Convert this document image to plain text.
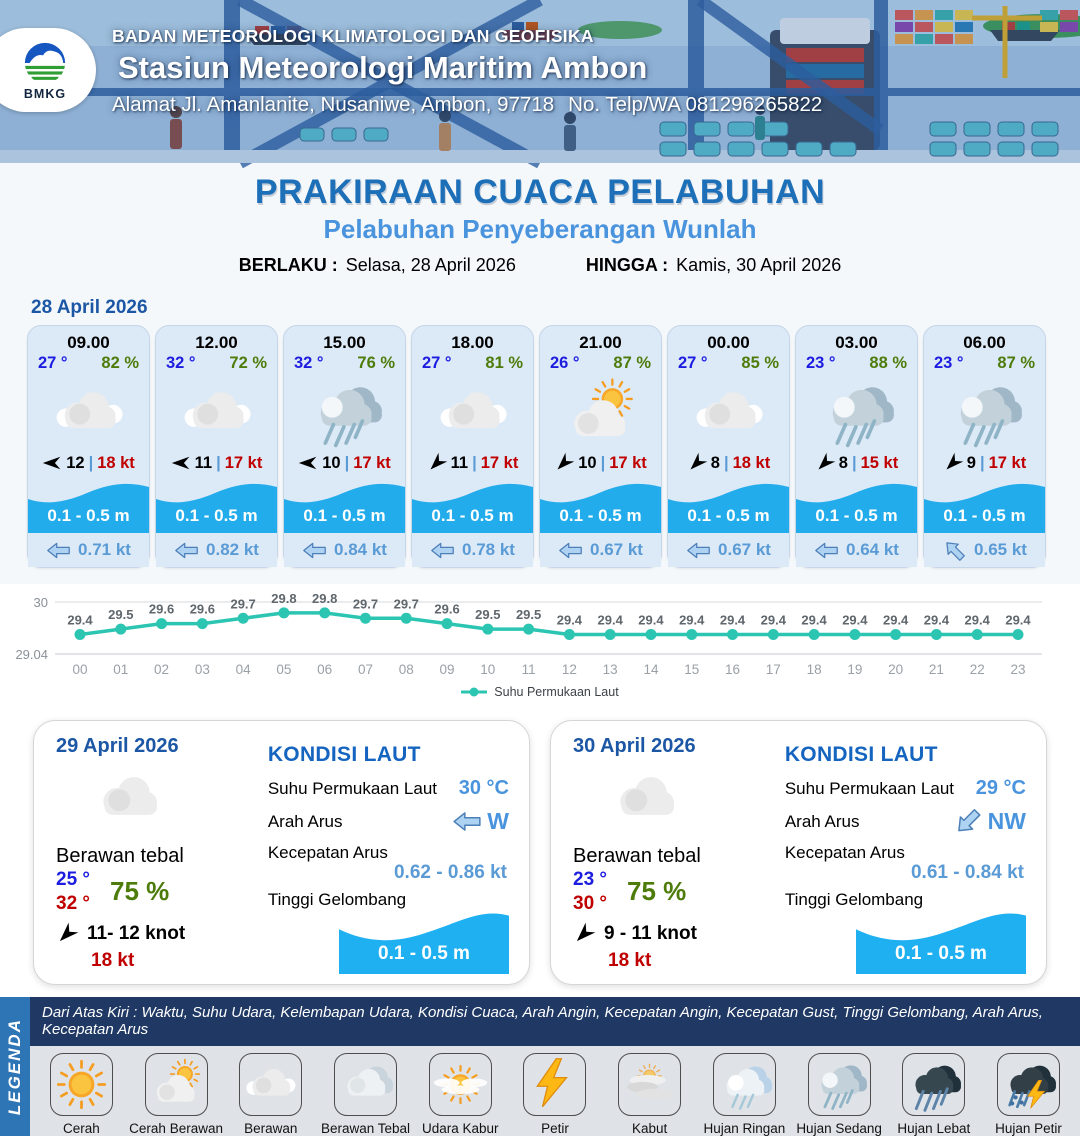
BMKG
BADAN METEOROLOGI KLIMATOLOGI DAN GEOFISIKA
Stasiun Meteorologi Maritim Ambon
Alamat Jl. Amanlanite, Nusaniwe, Ambon, 97718 No. Telp/WA 081296265822
PRAKIRAAN CUACA PELABUHAN
Pelabuhan Penyeberangan Wunlah
BERLAKU : Selasa, 28 April 2026	HINGGA : Kamis, 30 April 2026
28 April 2026
09.00
27 ° 82 %
12 | 18 kt
0.1 - 0.5 m
0.71 kt
12.00
32 ° 72 %
11 | 17 kt
0.1 - 0.5 m
0.82 kt
15.00
32 ° 76 %
10 | 17 kt
0.1 - 0.5 m
0.84 kt
18.00
27 ° 81 %
11 | 17 kt
0.1 - 0.5 m
0.78 kt
21.00
26 ° 87 %
10 | 17 kt
0.1 - 0.5 m
0.67 kt
00.00
27 ° 85 %
8 | 18 kt
0.1 - 0.5 m
0.67 kt
03.00
23 ° 88 %
8 | 15 kt
0.1 - 0.5 m
0.64 kt
06.00
23 ° 87 %
9 | 17 kt
0.1 - 0.5 m
0.65 kt
30
29.04
29.4
00
29.5
01
29.6
02
29.6
03
29.7
04
29.8
05
29.8
06
29.7
07
29.7
08
29.6
09
29.5
10
29.5
11
29.4
12
29.4
13
29.4
14
29.4
15
29.4
16
29.4
17
29.4
18
29.4
19
29.4
20
29.4
21
29.4
22
29.4
23
Suhu Permukaan Laut
29 April 2026
Berawan tebal
25 °
32 ° 75 %
11- 12 knot
18 kt
KONDISI LAUT
Suhu Permukaan Laut 30 °C
Arah Arus	W
Kecepatan Arus
0.62 - 0.86 kt
Tinggi Gelombang
0.1 - 0.5 m
30 April 2026
Berawan tebal
23 °
30 ° 75 %
9 - 11 knot
18 kt
KONDISI LAUT
Suhu Permukaan Laut 29 °C
Arah Arus	NW
Kecepatan Arus
0.61 - 0.84 kt
Tinggi Gelombang
0.1 - 0.5 m
LEGENDA
Dari Atas Kiri : Waktu, Suhu Udara, Kelembapan Udara, Kondisi Cuaca, Arah Angin, Kecepatan Angin, Kecepatan Gust, Tinggi Gelombang, Arah Arus, Kecepatan Arus
Cerah Cerah Berawan Berawan Berawan Tebal Udara Kabur	Petir	Kabut	Hujan Ringan Hujan Sedang Hujan Lebat Hujan Petir
